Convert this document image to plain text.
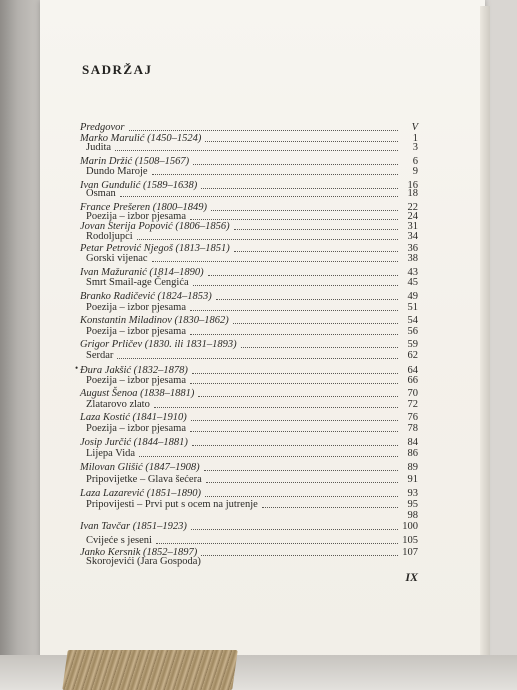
SADRŽAJ
Predgovor	V
Marko Marulić (1450–1524)	1
Judita	3
Marin Držić (1508–1567)	6
Dundo Maroje	9
Ivan Gundulić (1589–1638)	16
Osman	18
France Prešeren (1800–1849)	22
Poezija – izbor pjesama	24
Jovan Sterija Popović (1806–1856)	31
Rodoljupci	34
Petar Petrović Njegoš (1813–1851)	36
Gorski vijenac	38
Ivan Mažuranić (1814–1890)	43
Smrt Smail-age Čengića	45
Branko Radičević (1824–1853)	49
Poezija – izbor pjesama	51
Konstantin Miladinov (1830–1862)	54
Poezija – izbor pjesama	56
Grigor Prličev (1830. ili 1831–1893)	59
Serdar	62
Đura Jakšić (1832–1878)	64
Poezija – izbor pjesama	66
August Šenoa (1838–1881)	70
Zlatarovo zlato	72
Laza Kostić (1841–1910)	76
Poezija – izbor pjesama	78
Josip Jurčić (1844–1881)	84
Lijepa Vida	86
Milovan Glišić (1847–1908)	89
Pripovijetke – Glava šećera	91
Laza Lazarević (1851–1890)	93
Pripovijesti – Prvi put s ocem na jutrenje	95
98
Ivan Tavčar (1851–1923)	100
Cvijeće s jeseni	105
Janko Kersnik (1852–1897)	107
Skorojevići (Jara Gospoda)
•
IX
